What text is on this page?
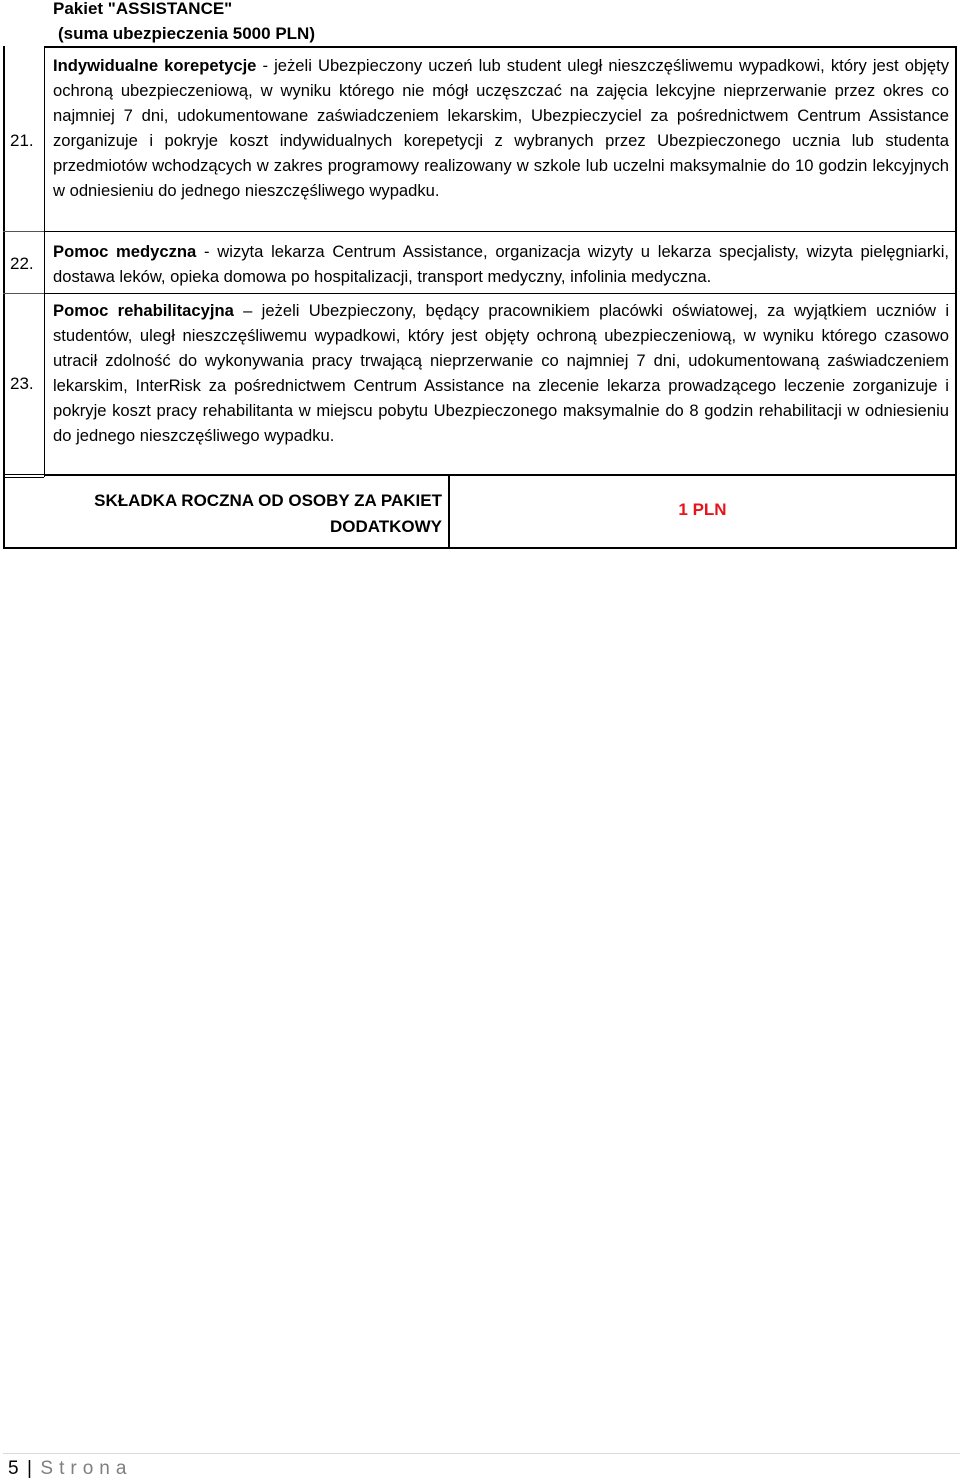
Pakiet "ASSISTANCE"
(suma ubezpieczenia 5000 PLN)
21.
22.
23.
Indywidualne korepetycje - jeżeli Ubezpieczony uczeń lub student uległ nieszczęśliwemu wypadkowi, który jest objęty ochroną ubezpieczeniową, w wyniku którego nie mógł uczęszczać na zajęcia lekcyjne nieprzerwanie przez okres co najmniej 7 dni, udokumentowane zaświadczeniem lekarskim, Ubezpieczyciel za pośrednictwem Centrum Assistance zorganizuje i pokryje koszt indywidualnych korepetycji z wybranych przez Ubezpieczonego ucznia lub studenta przedmiotów wchodzących w zakres programowy realizowany w szkole lub uczelni maksymalnie do 10 godzin lekcyjnych w odniesieniu do jednego nieszczęśliwego wypadku.
Pomoc medyczna - wizyta lekarza Centrum Assistance, organizacja wizyty u lekarza specjalisty, wizyta pielęgniarki, dostawa leków, opieka domowa po hospitalizacji, transport medyczny, infolinia medyczna.
Pomoc rehabilitacyjna – jeżeli Ubezpieczony, będący pracownikiem placówki oświatowej, za wyjątkiem uczniów i studentów, uległ nieszczęśliwemu wypadkowi, który jest objęty ochroną ubezpieczeniową, w wyniku którego czasowo utracił zdolność do wykonywania pracy trwającą nieprzerwanie co najmniej 7 dni, udokumentowaną zaświadczeniem lekarskim, InterRisk za pośrednictwem Centrum Assistance na zlecenie lekarza prowadzącego leczenie zorganizuje i pokryje koszt pracy rehabilitanta w miejscu pobytu Ubezpieczonego maksymalnie do 8 godzin rehabilitacji w odniesieniu do jednego nieszczęśliwego wypadku.
SKŁADKA ROCZNA OD OSOBY ZA PAKIET
DODATKOWY
1 PLN
5 | Strona
